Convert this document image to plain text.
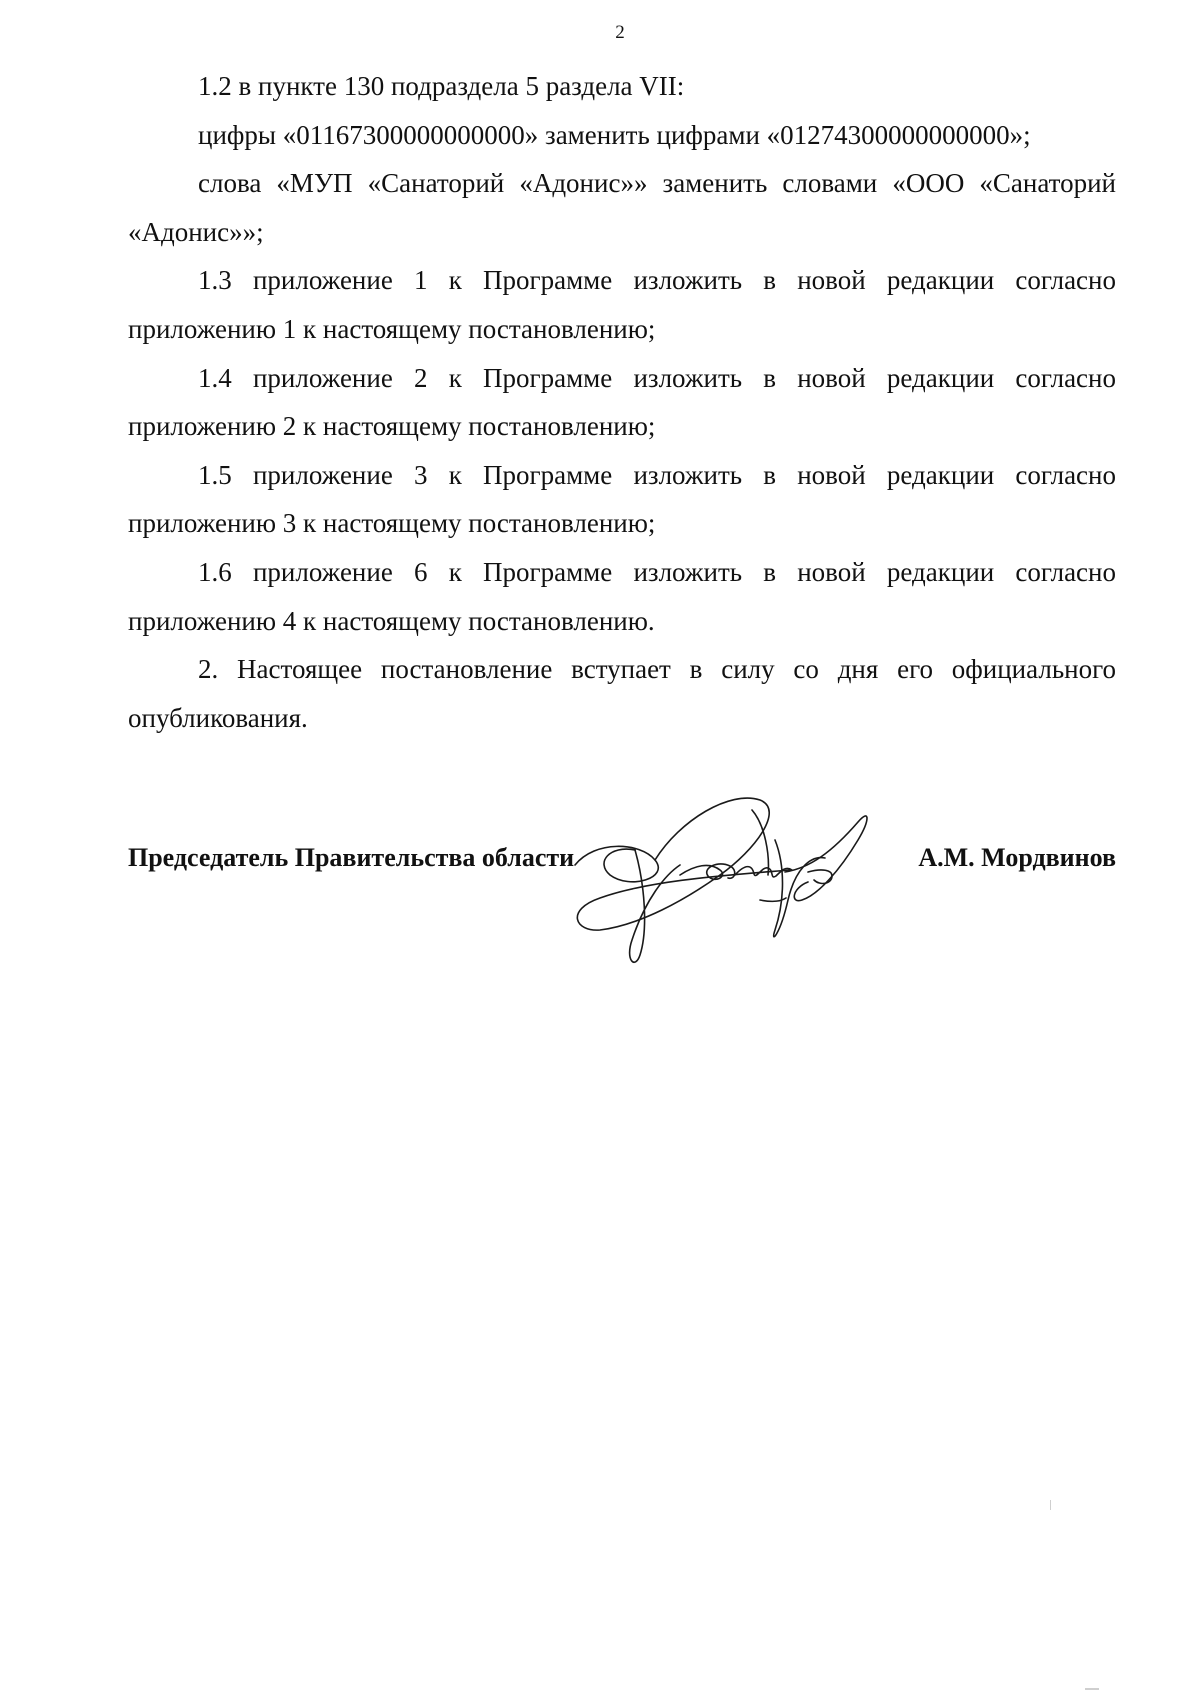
2

1.2 в пункте 130 подраздела 5 раздела VII:

цифры «01167300000000000» заменить цифрами «01274300000000000»;

слова «МУП «Санаторий «Адонис»» заменить словами «ООО «Санаторий «Адонис»»;

1.3 приложение 1 к Программе изложить в новой редакции согласно приложению 1 к настоящему постановлению;

1.4 приложение 2 к Программе изложить в новой редакции согласно приложению 2 к настоящему постановлению;

1.5 приложение 3 к Программе изложить в новой редакции согласно приложению 3 к настоящему постановлению;

1.6 приложение 6 к Программе изложить в новой редакции согласно приложению 4 к настоящему постановлению.

2. Настоящее постановление вступает в силу со дня его официального опубликования.

Председатель Правительства области	А.М. Мордвинов
